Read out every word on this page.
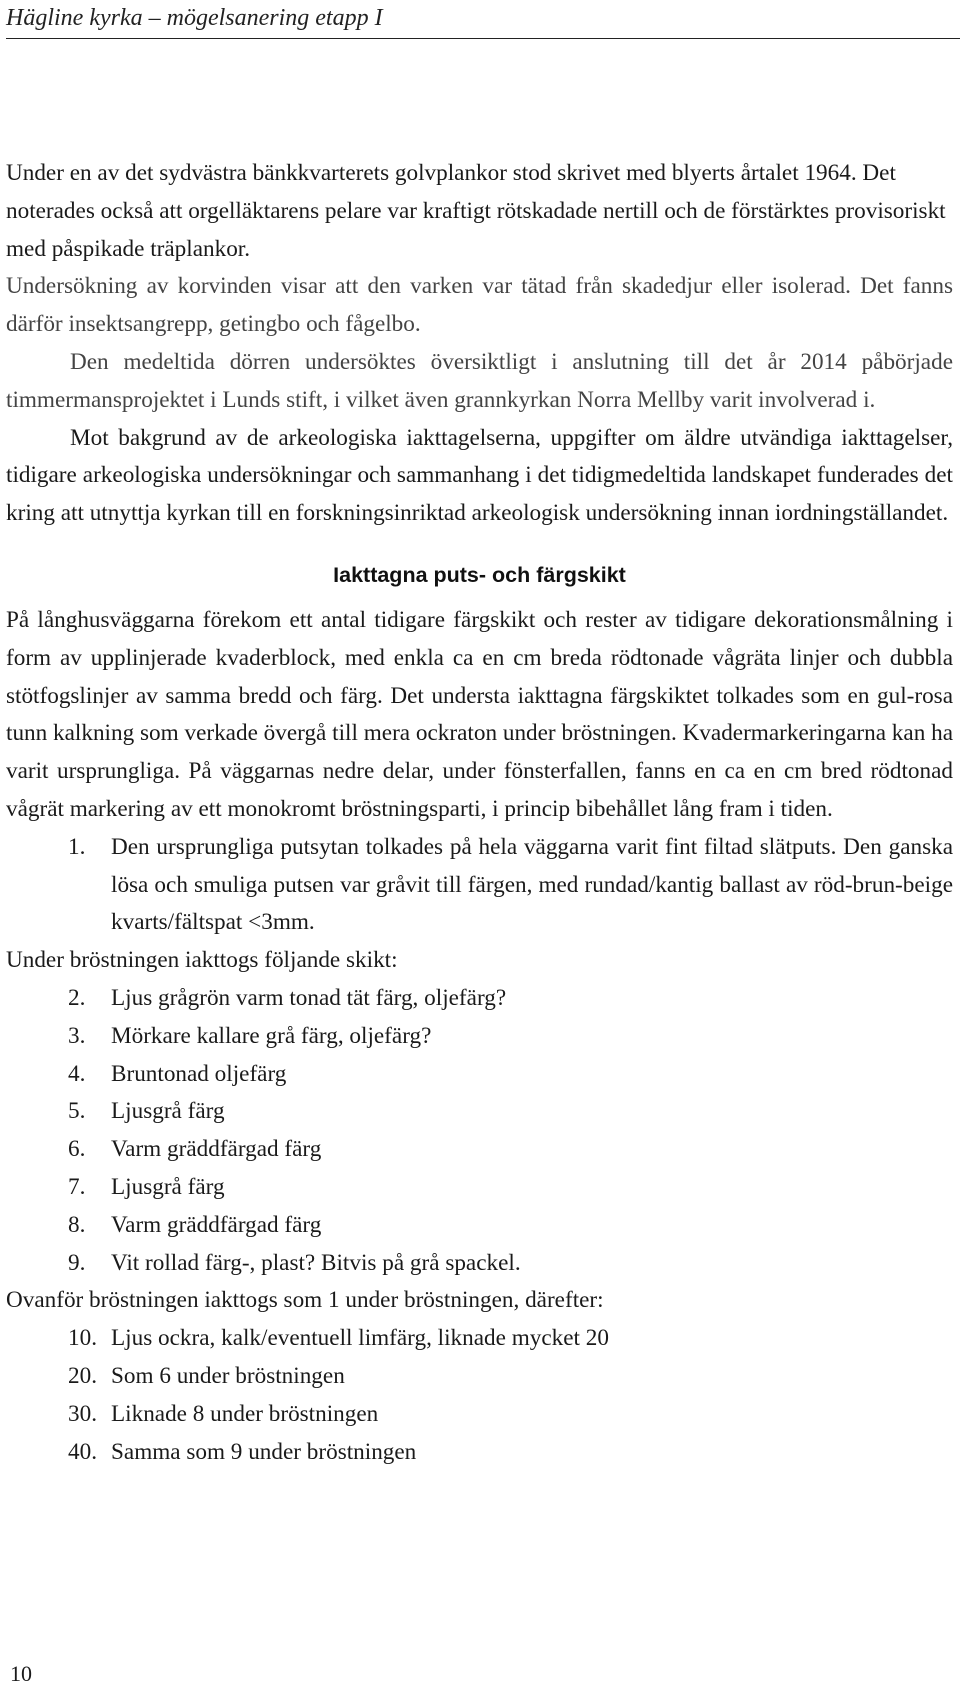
Hägline kyrka – mögelsanering etapp I

Under en av det sydvästra bänkkvarterets golvplankor stod skrivet med blyerts årtalet 1964. Det noterades också att orgelläktarens pelare var kraftigt rötskadade nertill och de förstärktes provisoriskt med påspikade träplankor.

Undersökning av korvinden visar att den varken var tätad från skadedjur eller isolerad. Det fanns därför insektsangrepp, getingbo och fågelbo.

Den medeltida dörren undersöktes översiktligt i anslutning till det år 2014 påbörjade timmermansprojektet i Lunds stift, i vilket även grannkyrkan Norra Mellby varit involverad i.

Mot bakgrund av de arkeologiska iakttagelserna, uppgifter om äldre utvändiga iakttagelser, tidigare arkeologiska undersökningar och sammanhang i det tidigmedeltida landskapet funderades det kring att utnyttja kyrkan till en forskningsinriktad arkeologisk undersökning innan iordningställandet.

Iakttagna puts- och färgskikt

På långhusväggarna förekom ett antal tidigare färgskikt och rester av tidigare dekorationsmålning i form av upplinjerade kvaderblock, med enkla ca en cm breda rödtonade vågräta linjer och dubbla stötfogslinjer av samma bredd och färg. Det understa iakttagna färgskiktet tolkades som en gul-rosa tunn kalkning som verkade övergå till mera ockraton under bröstningen. Kvadermarkeringarna kan ha varit ursprungliga. På väggarnas nedre delar, under fönsterfallen, fanns en ca en cm bred rödtonad vågrät markering av ett monokromt bröstningsparti, i princip bibehållet lång fram i tiden.

1. Den ursprungliga putsytan tolkades på hela väggarna varit fint filtad slätputs. Den ganska lösa och smuliga putsen var gråvit till färgen, med rundad/kantig ballast av röd-brun-beige kvarts/fältspat <3mm.

Under bröstningen iakttogs följande skikt:

2. Ljus grågrön varm tonad tät färg, oljefärg?
3. Mörkare kallare grå färg, oljefärg?
4. Bruntonad oljefärg
5. Ljusgrå färg
6. Varm gräddfärgad färg
7. Ljusgrå färg
8. Varm gräddfärgad färg
9. Vit rollad färg-, plast? Bitvis på grå spackel.

Ovanför bröstningen iakttogs som 1 under bröstningen, därefter:

10. Ljus ockra, kalk/eventuell limfärg, liknade mycket 20
20. Som 6 under bröstningen
30. Liknade 8 under bröstningen
40. Samma som 9 under bröstningen
10
